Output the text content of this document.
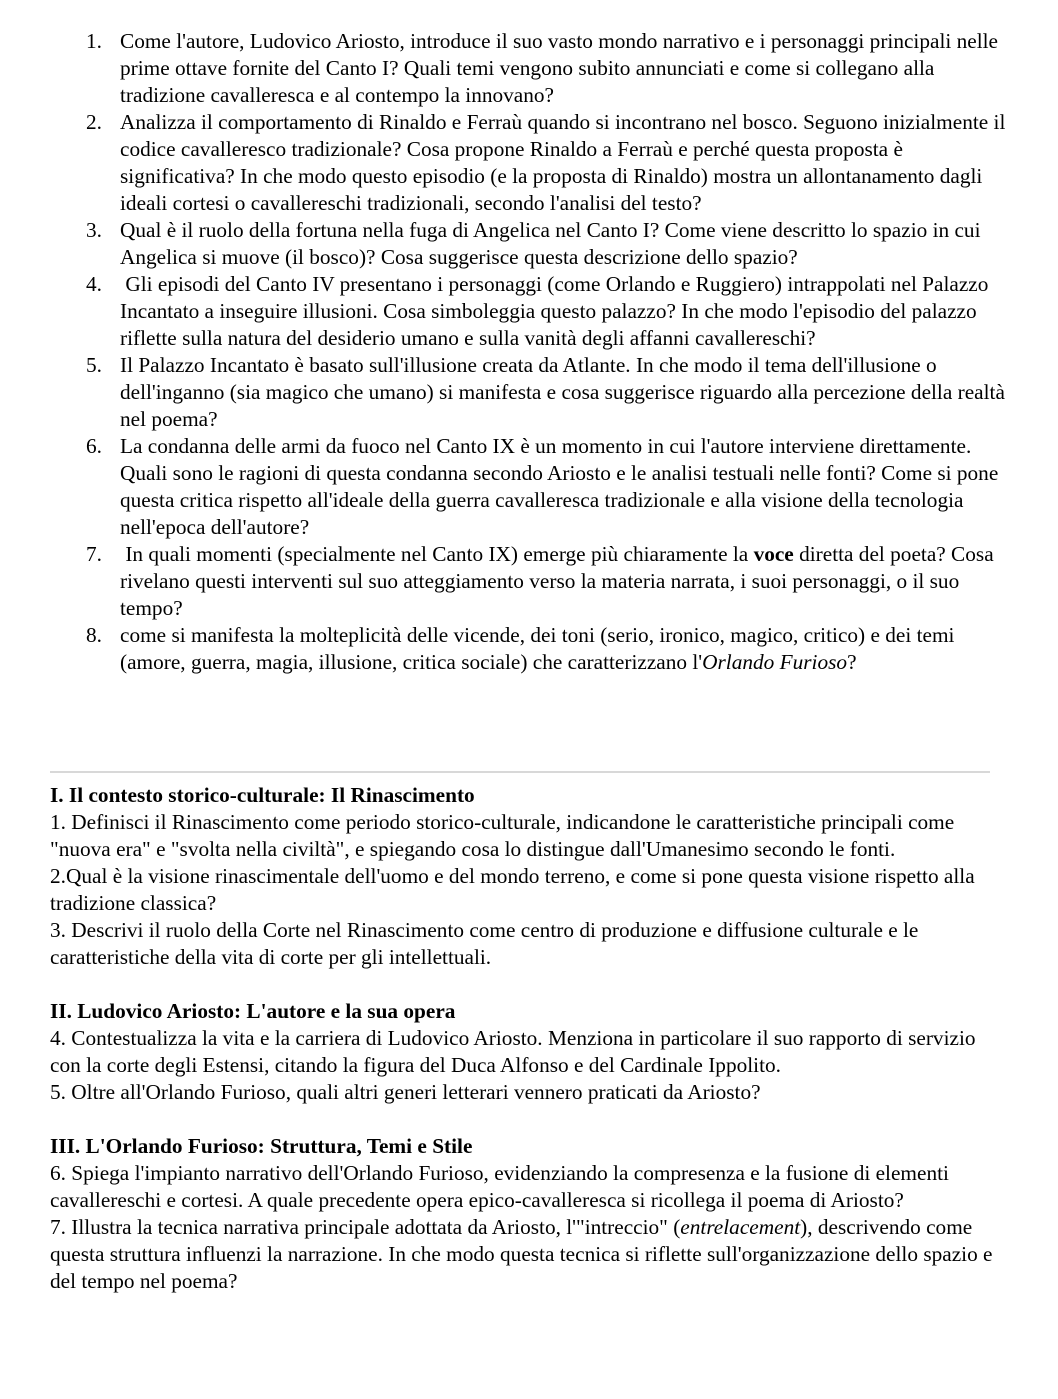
1. Come l'autore, Ludovico Ariosto, introduce il suo vasto mondo narrativo e i personaggi principali nelle prime ottave fornite del Canto I? Quali temi vengono subito annunciati e come si collegano alla tradizione cavalleresca e al contempo la innovano?
2. Analizza il comportamento di Rinaldo e Ferraù quando si incontrano nel bosco. Seguono inizialmente il codice cavalleresco tradizionale? Cosa propone Rinaldo a Ferraù e perché questa proposta è significativa? In che modo questo episodio (e la proposta di Rinaldo) mostra un allontanamento dagli ideali cortesi o cavallereschi tradizionali, secondo l'analisi del testo?
3. Qual è il ruolo della fortuna nella fuga di Angelica nel Canto I? Come viene descritto lo spazio in cui Angelica si muove (il bosco)? Cosa suggerisce questa descrizione dello spazio?
4. Gli episodi del Canto IV presentano i personaggi (come Orlando e Ruggiero) intrappolati nel Palazzo Incantato a inseguire illusioni. Cosa simboleggia questo palazzo? In che modo l'episodio del palazzo riflette sulla natura del desiderio umano e sulla vanità degli affanni cavallereschi?
5. Il Palazzo Incantato è basato sull'illusione creata da Atlante. In che modo il tema dell'illusione o dell'inganno (sia magico che umano) si manifesta e cosa suggerisce riguardo alla percezione della realtà nel poema?
6. La condanna delle armi da fuoco nel Canto IX è un momento in cui l'autore interviene direttamente. Quali sono le ragioni di questa condanna secondo Ariosto e le analisi testuali nelle fonti? Come si pone questa critica rispetto all'ideale della guerra cavalleresca tradizionale e alla visione della tecnologia nell'epoca dell'autore?
7. In quali momenti (specialmente nel Canto IX) emerge più chiaramente la voce diretta del poeta? Cosa rivelano questi interventi sul suo atteggiamento verso la materia narrata, i suoi personaggi, o il suo tempo?
8. come si manifesta la molteplicità delle vicende, dei toni (serio, ironico, magico, critico) e dei temi (amore, guerra, magia, illusione, critica sociale) che caratterizzano l'Orlando Furioso?
I. Il contesto storico-culturale: Il Rinascimento

1. Definisci il Rinascimento come periodo storico-culturale, indicandone le caratteristiche principali come "nuova era" e "svolta nella civiltà", e spiegando cosa lo distingue dall'Umanesimo secondo le fonti.

2.Qual è la visione rinascimentale dell'uomo e del mondo terreno, e come si pone questa visione rispetto alla tradizione classica?

3. Descrivi il ruolo della Corte nel Rinascimento come centro di produzione e diffusione culturale e le caratteristiche della vita di corte per gli intellettuali.

II. Ludovico Ariosto: L'autore e la sua opera

4. Contestualizza la vita e la carriera di Ludovico Ariosto. Menziona in particolare il suo rapporto di servizio con la corte degli Estensi, citando la figura del Duca Alfonso e del Cardinale Ippolito.

5. Oltre all'Orlando Furioso, quali altri generi letterari vennero praticati da Ariosto?

III. L'Orlando Furioso: Struttura, Temi e Stile

6. Spiega l'impianto narrativo dell'Orlando Furioso, evidenziando la compresenza e la fusione di elementi cavallereschi e cortesi. A quale precedente opera epico-cavalleresca si ricollega il poema di Ariosto?

7. Illustra la tecnica narrativa principale adottata da Ariosto, l'"intreccio" (entrelacement), descrivendo come questa struttura influenzi la narrazione. In che modo questa tecnica si riflette sull'organizzazione dello spazio e del tempo nel poema?
